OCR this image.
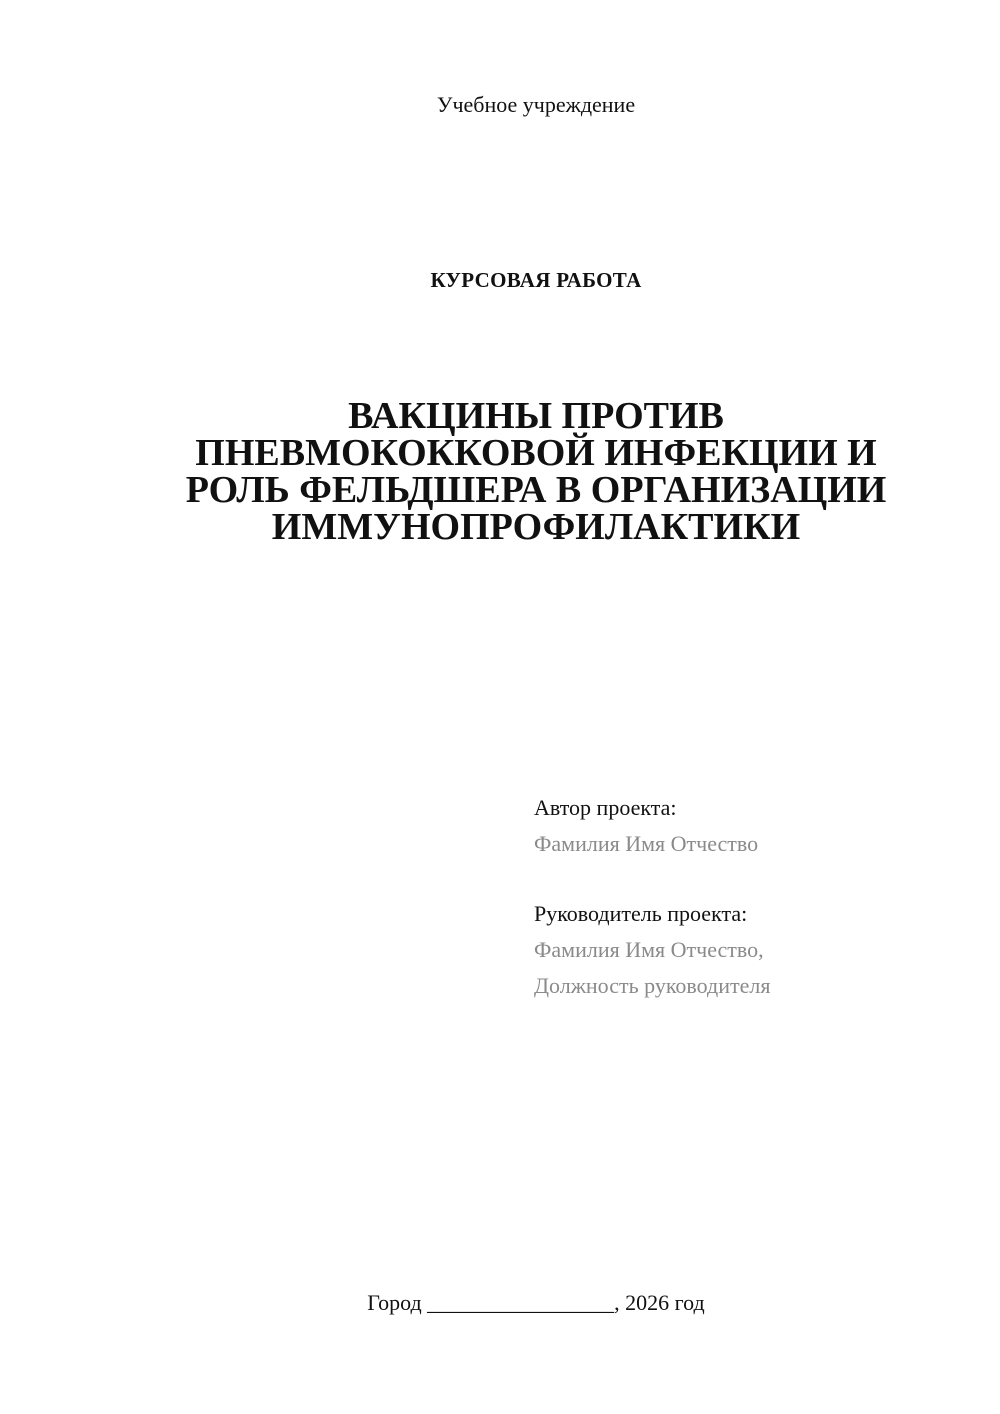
Учебное учреждение
КУРСОВАЯ РАБОТА
ВАКЦИНЫ ПРОТИВ
ПНЕВМОКОККОВОЙ ИНФЕКЦИИ И
РОЛЬ ФЕЛЬДШЕРА В ОРГАНИЗАЦИИ
ИММУНОПРОФИЛАКТИКИ
Автор проекта:
Фамилия Имя Отчество
Руководитель проекта:
Фамилия Имя Отчество,
Должность руководителя
Город _________________, 2026 год
